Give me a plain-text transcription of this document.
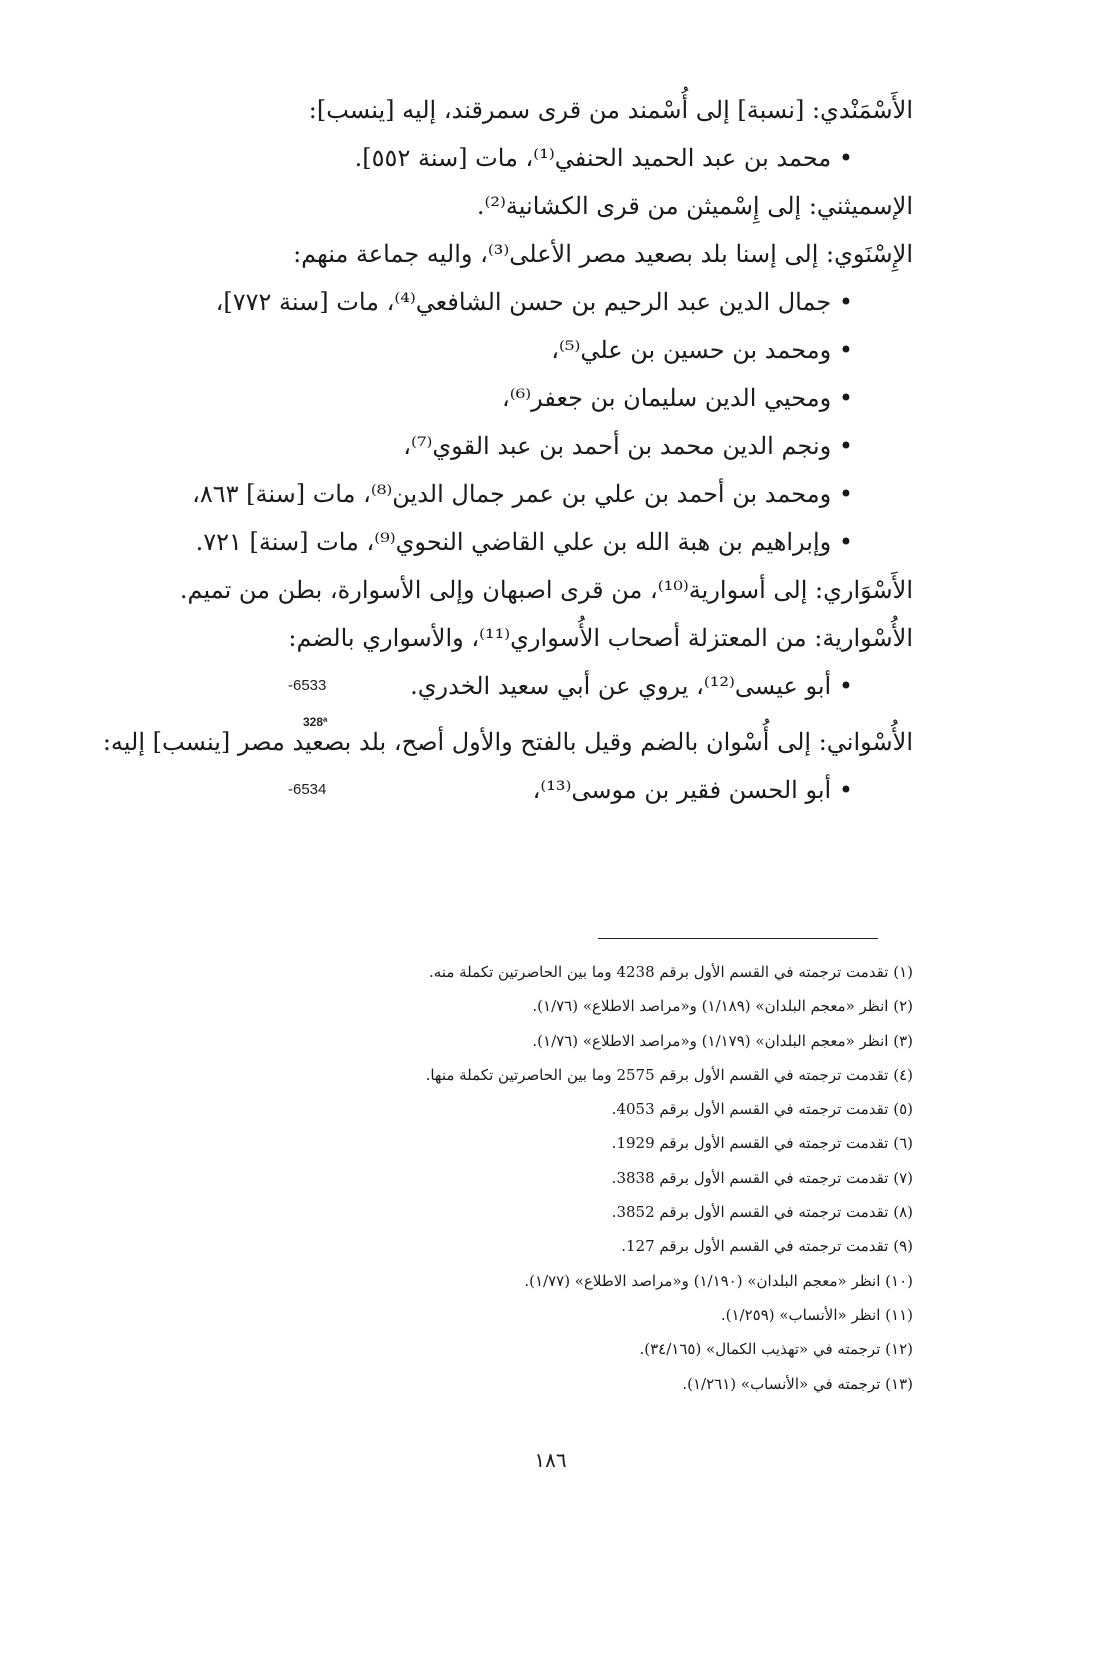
الأَسْمَنْدي: [نسبة] إلى أُسْمند من قرى سمرقند، إليه [ينسب]:
• محمد بن عبد الحميد الحنفي⁽¹⁾، مات [سنة ٥٥٢].
الإسميثني: إلى إِسْميثن من قرى الكشانية⁽²⁾.
الإِسْنَوي: إلى إسنا بلد بصعيد مصر الأعلى⁽³⁾، واليه جماعة منهم:
• جمال الدين عبد الرحيم بن حسن الشافعي⁽⁴⁾، مات [سنة ٧٧٢]،
• ومحمد بن حسين بن علي⁽⁵⁾،
• ومحيي الدين سليمان بن جعفر⁽⁶⁾،
• ونجم الدين محمد بن أحمد بن عبد القوي⁽⁷⁾،
• ومحمد بن أحمد بن علي بن عمر جمال الدين⁽⁸⁾، مات [سنة] ٨٦٣،
• وإبراهيم بن هبة الله بن علي القاضي النحوي⁽⁹⁾، مات [سنة] ٧٢١.
الأَسْوَاري: إلى أسوارية⁽¹⁰⁾، من قرى اصبهان وإلى الأسوارة، بطن من تميم.
الأُسْوارية: من المعتزلة أصحاب الأُسواري⁽¹¹⁾، والأسواري بالضم:
• أبو عيسى⁽¹²⁾، يروي عن أبي سعيد الخدري.
-6533
328ª
الأُسْواني: إلى أُسْوان بالضم وقيل بالفتح والأول أصح، بلد بصعيد مصر [ينسب] إليه:
• أبو الحسن فقير بن موسى⁽¹³⁾،
-6534
(١) تقدمت ترجمته في القسم الأول برقم 4238 وما بين الحاصرتين تكملة منه.
(٢) انظر «معجم البلدان» (١/١٨٩) و«مراصد الاطلاع» (١/٧٦).
(٣) انظر «معجم البلدان» (١/١٧٩) و«مراصد الاطلاع» (١/٧٦).
(٤) تقدمت ترجمته في القسم الأول برقم 2575 وما بين الحاصرتين تكملة منها.
(٥) تقدمت ترجمته في القسم الأول برقم 4053.
(٦) تقدمت ترجمته في القسم الأول برقم 1929.
(٧) تقدمت ترجمته في القسم الأول برقم 3838.
(٨) تقدمت ترجمته في القسم الأول برقم 3852.
(٩) تقدمت ترجمته في القسم الأول برقم 127.
(١٠) انظر «معجم البلدان» (١/١٩٠) و«مراصد الاطلاع» (١/٧٧).
(١١) انظر «الأنساب» (١/٢٥٩).
(١٢) ترجمته في «تهذيب الكمال» (٣٤/١٦٥).
(١٣) ترجمته في «الأنساب» (١/٢٦١).
١٨٦
